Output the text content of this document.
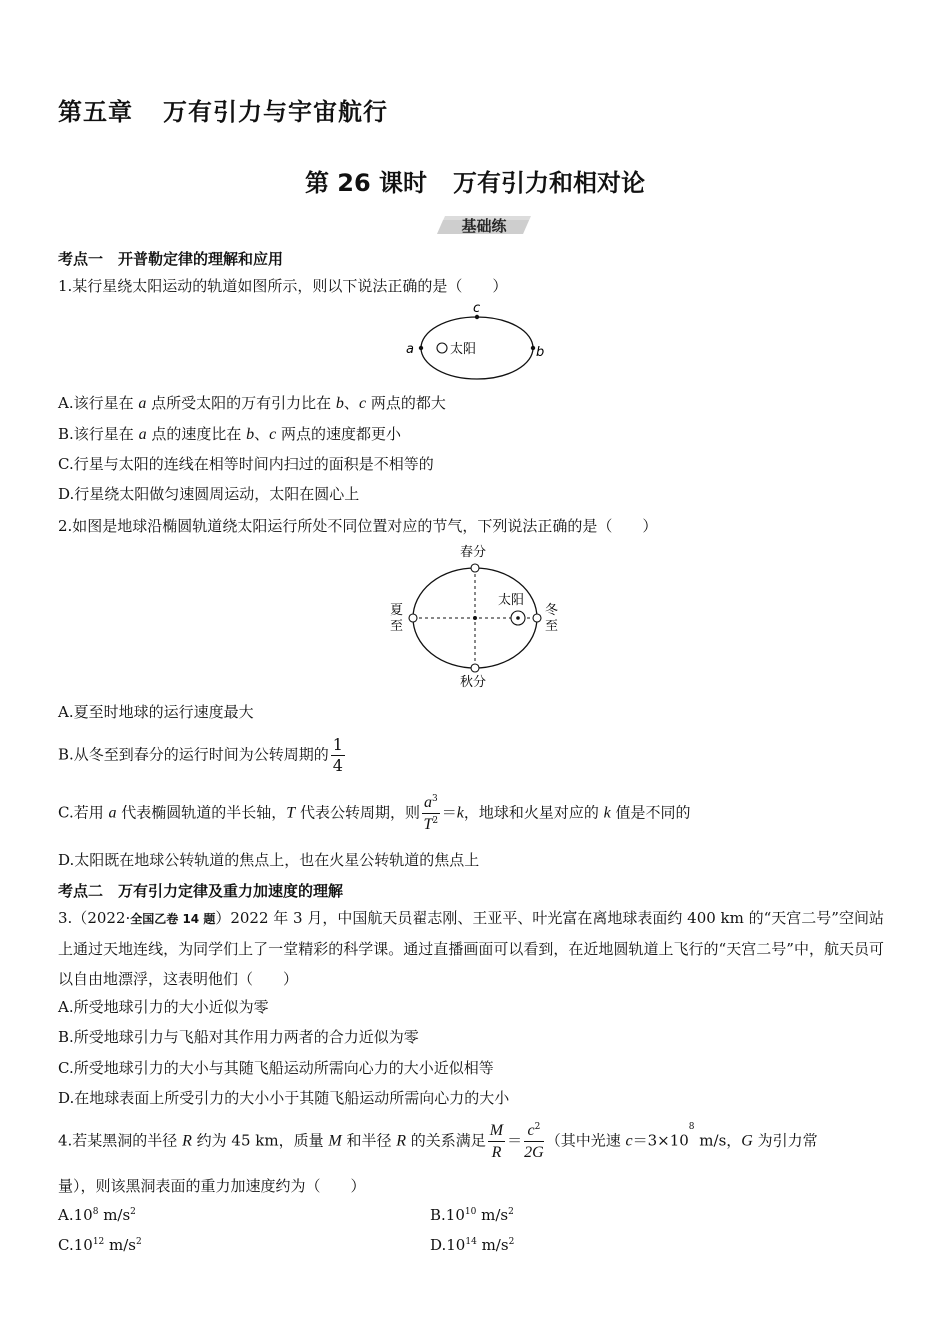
第五章 万有引力与宇宙航行
第 26 课时 万有引力和相对论
基础练
考点一　开普勒定律的理解和应用
1.某行星绕太阳运动的轨道如图所示，则以下说法正确的是（　　）
太阳
a	b
c
A.该行星在 a 点所受太阳的万有引力比在 b、c 两点的都大
B.该行星在 a 点的速度比在 b、c 两点的速度都更小
C.行星与太阳的连线在相等时间内扫过的面积是不相等的
D.行星绕太阳做匀速圆周运动，太阳在圆心上
2.如图是地球沿椭圆轨道绕太阳运行所处不同位置对应的节气，下列说法正确的是（　　）
春分
秋分
夏
至
冬
至
太阳
A.夏至时地球的运行速度最大
B.从冬至到春分的运行时间为公转周期的 $\frac{1}{4}$
C.若用 a 代表椭圆轨道的半长轴，T 代表公转周期，则 $\frac{a^3}{T^2} =k$，地球和火星对应的 k 值是不同的
D.太阳既在地球公转轨道的焦点上，也在火星公转轨道的焦点上
考点二　万有引力定律及重力加速度的理解
3.（2022·全国乙卷 14 题）2022 年 3 月，中国航天员翟志刚、王亚平、叶光富在离地球表面约 400 km 的“天宫二号”空间站上通过天地连线，为同学们上了一堂精彩的科学课。通过直播画面可以看到，在近地圆轨道上飞行的“天宫二号”中，航天员可以自由地漂浮，这表明他们（　　）
A.所受地球引力的大小近似为零
B.所受地球引力与飞船对其作用力两者的合力近似为零
C.所受地球引力的大小与其随飞船运动所需向心力的大小近似相等
D.在地球表面上所受引力的大小小于其随飞船运动所需向心力的大小
4.若某黑洞的半径 R 约为 45 km，质量 M 和半径 R 的关系满足 $\frac{M}{R} = \frac{c^2}{2G}$ （其中光速 $c=3\times 10^8$ m/s，G 为引力常
量），则该黑洞表面的重力加速度约为（　　）
$A.10^8$ $m/s^2$	$B.10^{10}$ $m/s^2$
$C.10^{12}$ $m/s^2$	$D.10^{14}$ $m/s^2$
